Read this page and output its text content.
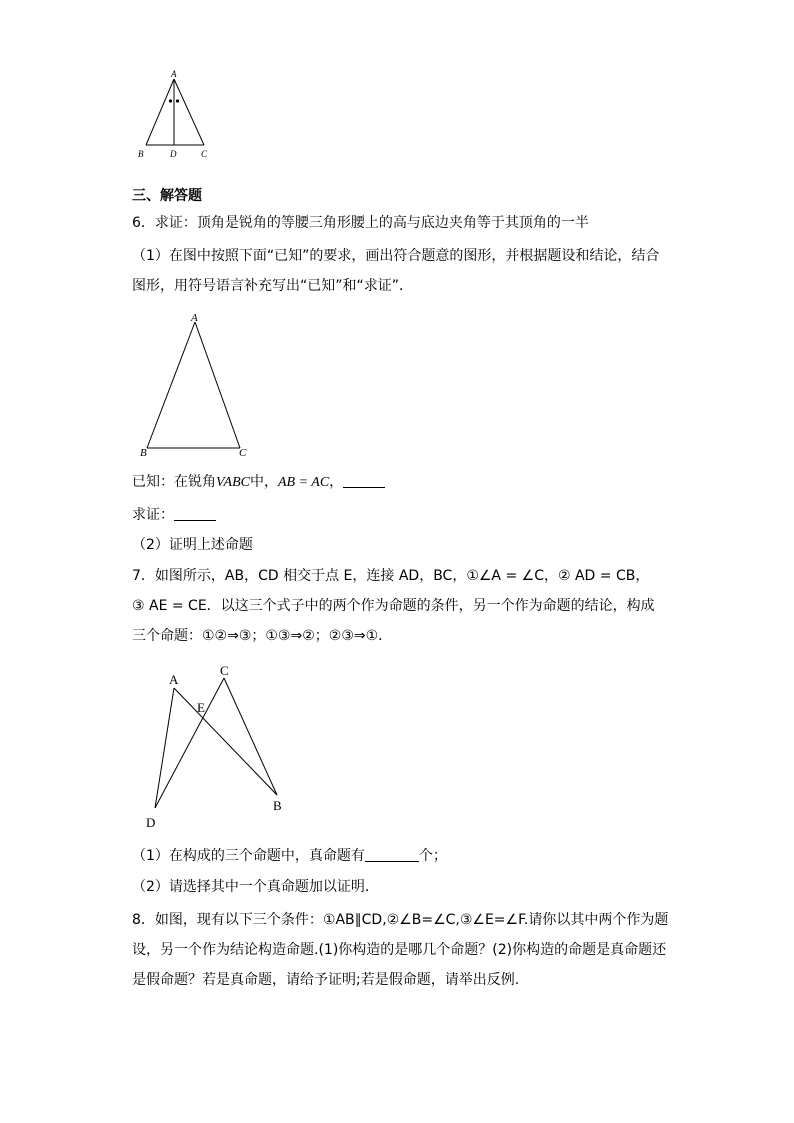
A
B	D	C
三、解答题
6．求证：顶角是锐角的等腰三角形腰上的高与底边夹角等于其顶角的一半
（1）在图中按照下面“已知”的要求，画出符合题意的图形，并根据题设和结论，结合
图形，用符号语言补充写出“已知”和“求证”．
A
B	C
已知：在锐角VABC中，AB = AC，
求证：
（2）证明上述命题
7．如图所示，AB，CD 相交于点 E，连接 AD，BC，①∠A = ∠C，② AD = CB，
③ AE = CE．以这三个式子中的两个作为命题的条件，另一个作为命题的结论，构成
三个命题：①②⇒③；①③⇒②；②③⇒①．
A
C
E
B
D
（1）在构成的三个命题中，真命题有	个；
（2）请选择其中一个真命题加以证明．
8．如图，现有以下三个条件：①AB∥CD,②∠B=∠C,③∠E=∠F.请你以其中两个作为题
设，另一个作为结论构造命题.(1)你构造的是哪几个命题？(2)你构造的命题是真命题还
是假命题？若是真命题，请给予证明;若是假命题，请举出反例.
